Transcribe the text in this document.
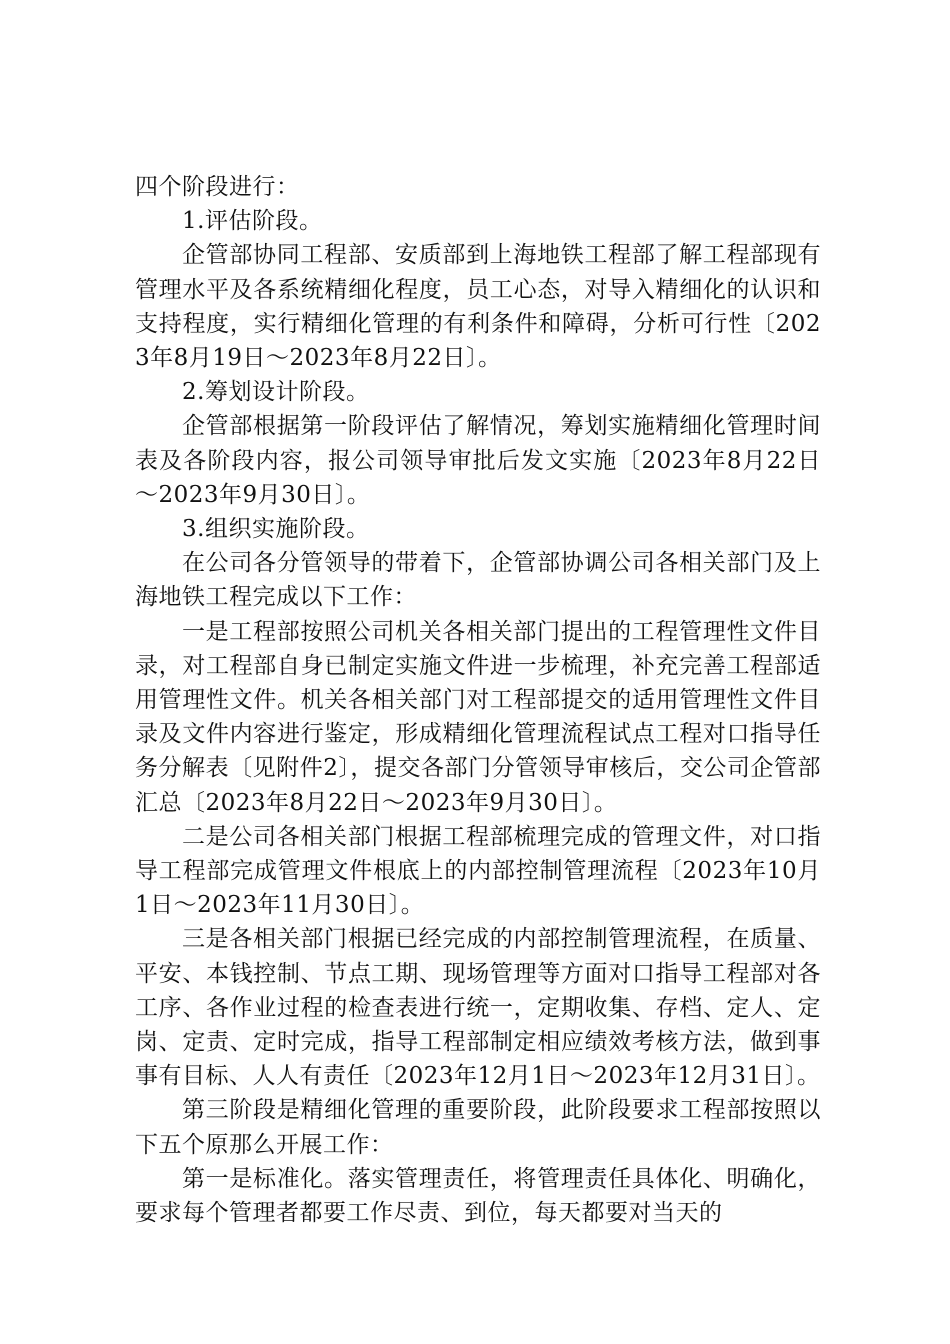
四个阶段进行：

1.评估阶段。

企管部协同工程部、安质部到上海地铁工程部了解工程部现有管理水平及各系统精细化程度，员工心态，对导入精细化的认识和支持程度，实行精细化管理的有利条件和障碍，分析可行性〔2023年8月19日～2023年8月22日〕。

2.筹划设计阶段。

企管部根据第一阶段评估了解情况，筹划实施精细化管理时间表及各阶段内容，报公司领导审批后发文实施〔2023年8月22日～2023年9月30日〕。

3.组织实施阶段。

在公司各分管领导的带着下，企管部协调公司各相关部门及上海地铁工程完成以下工作：

一是工程部按照公司机关各相关部门提出的工程管理性文件目录，对工程部自身已制定实施文件进一步梳理，补充完善工程部适用管理性文件。机关各相关部门对工程部提交的适用管理性文件目录及文件内容进行鉴定，形成精细化管理流程试点工程对口指导任务分解表〔见附件2〕，提交各部门分管领导审核后，交公司企管部汇总〔2023年8月22日～2023年9月30日〕。

二是公司各相关部门根据工程部梳理完成的管理文件，对口指导工程部完成管理文件根底上的内部控制管理流程〔2023年10月1日～2023年11月30日〕。

三是各相关部门根据已经完成的内部控制管理流程，在质量、平安、本钱控制、节点工期、现场管理等方面对口指导工程部对各工序、各作业过程的检查表进行统一，定期收集、存档、定人、定岗、定责、定时完成，指导工程部制定相应绩效考核方法，做到事事有目标、人人有责任〔2023年12月1日～2023年12月31日〕。

第三阶段是精细化管理的重要阶段，此阶段要求工程部按照以下五个原那么开展工作：

第一是标准化。落实管理责任，将管理责任具体化、明确化，要求每个管理者都要工作尽责、到位，每天都要对当天的
